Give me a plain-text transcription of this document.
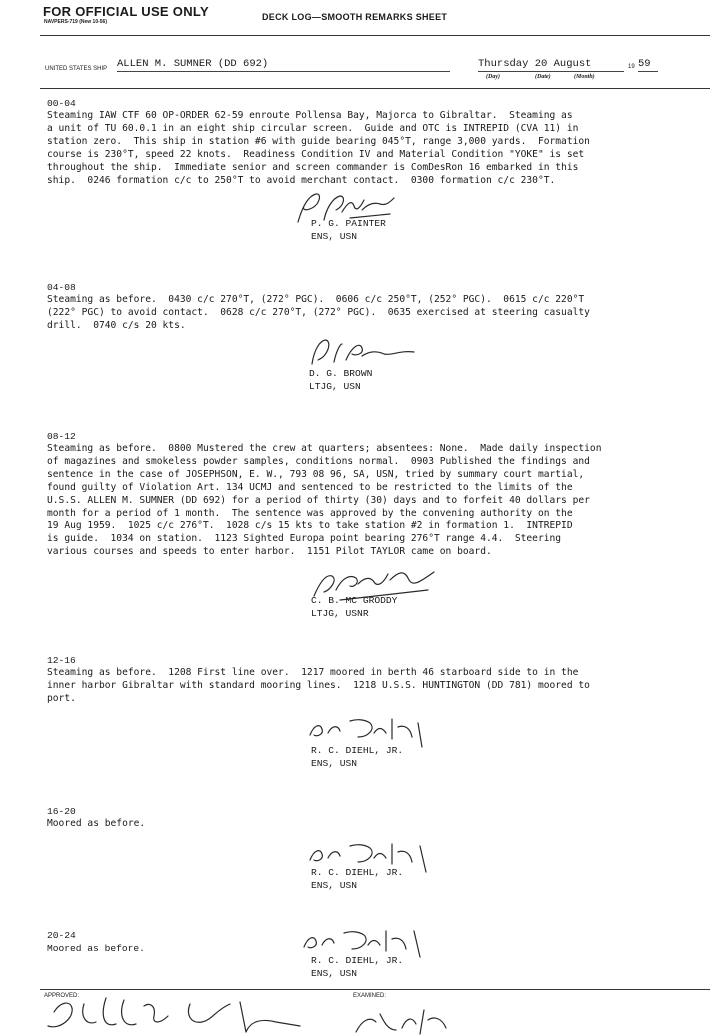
FOR OFFICIAL USE ONLY
NAVPERS-719 (New 10-56)	DECK LOG—SMOOTH REMARKS SHEET
UNITED STATES SHIP ALLEN M. SUMNER (DD 692)	Thursday 20 August	19 59
(Day)	(Date)	(Month)
00-04
Steaming IAW CTF 60 OP-ORDER 62-59 enroute Pollensa Bay, Majorca to Gibraltar.  Steaming as
a unit of TU 60.0.1 in an eight ship circular screen.  Guide and OTC is INTREPID (CVA 11) in
station zero.  This ship in station #6 with guide bearing 045°T, range 3,000 yards.  Formation
course is 230°T, speed 22 knots.  Readiness Condition IV and Material Condition "YOKE" is set
throughout the ship.  Immediate senior and screen commander is ComDesRon 16 embarked in this
ship.  0246 formation c/c to 250°T to avoid merchant contact.  0300 formation c/c 230°T.
P. G. PAINTER
ENS, USN
04-08
Steaming as before.  0430 c/c 270°T, (272° PGC).  0606 c/c 250°T, (252° PGC).  0615 c/c 220°T
(222° PGC) to avoid contact.  0628 c/c 270°T, (272° PGC).  0635 exercised at steering casualty
drill.  0740 c/s 20 kts.
D. G. BROWN
LTJG, USN
08-12
Steaming as before.  0800 Mustered the crew at quarters; absentees: None.  Made daily inspection
of magazines and smokeless powder samples, conditions normal.  0903 Published the findings and
sentence in the case of JOSEPHSON, E. W., 793 08 96, SA, USN, tried by summary court martial,
found guilty of Violation Art. 134 UCMJ and sentenced to be restricted to the limits of the
U.S.S. ALLEN M. SUMNER (DD 692) for a period of thirty (30) days and to forfeit 40 dollars per
month for a period of 1 month.  The sentence was approved by the convening authority on the
19 Aug 1959.  1025 c/c 276°T.  1028 c/s 15 kts to take station #2 in formation 1.  INTREPID
is guide.  1034 on station.  1123 Sighted Europa point bearing 276°T range 4.4.  Steering
various courses and speeds to enter harbor.  1151 Pilot TAYLOR came on board.
C. B. MC GRODDY
LTJG, USNR
12-16
Steaming as before.  1208 First line over.  1217 moored in berth 46 starboard side to in the
inner harbor Gibraltar with standard mooring lines.  1218 U.S.S. HUNTINGTON (DD 781) moored to
port.
R. C. DIEHL, JR.
ENS, USN
16-20
Moored as before.
R. C. DIEHL, JR.
ENS, USN
20-24
Moored as before.
R. C. DIEHL, JR.
ENS, USN
APPROVED:	EXAMINED:
